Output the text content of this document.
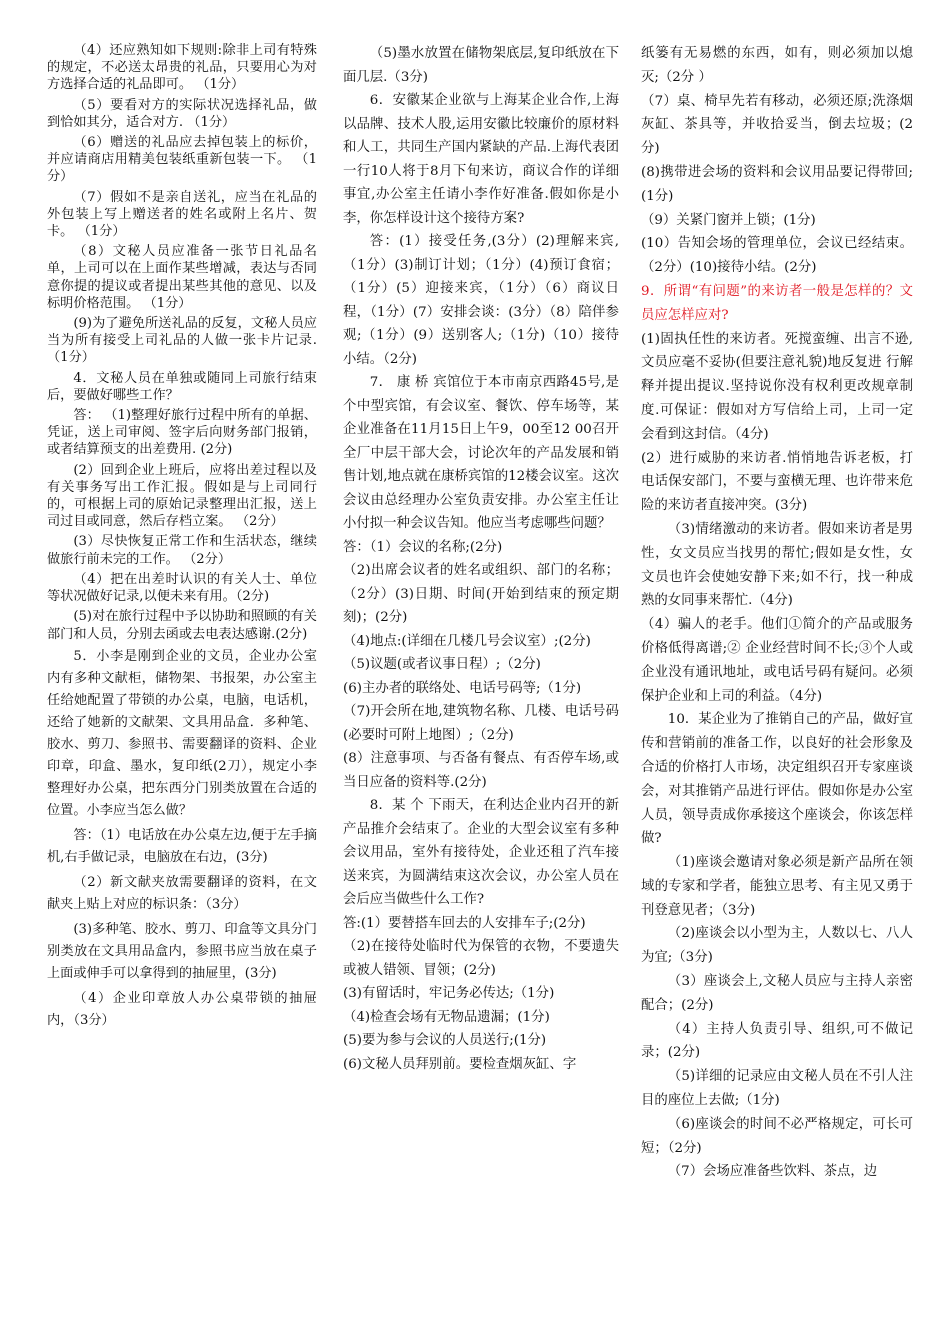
（4）还应熟知如下规则:除非上司有特殊的规定，不必送太昂贵的礼品，只要用心为对方选择合适的礼品即可。 （1分）

（5）要看对方的实际状况选择礼品，做到恰如其分，适合对方. （1分）

（6）赠送的礼品应去掉包装上的标价，并应请商店用精美包装纸重新包装一下。 （1分）

（7）假如不是亲自送礼，应当在礼品的外包装上写上赠送者的姓名或附上名片、贺卡。 （1分）

（8）文秘人员应准备一张节日礼品名单，上司可以在上面作某些增减，表达与否同意你提的提议或者提出某些其他的意见、以及标明价格范围。 （1分）

(9)为了避免所送礼品的反复，文秘人员应当为所有接受上司礼品的人做一张卡片记录. （1分）

4．文秘人员在单独或随同上司旅行结束后，要做好哪些工作？

答： （1)整理好旅行过程中所有的单据、凭证，送上司审阅、签字后向财务部门报销，或者结算预支的出差费用. (2分)

(2）回到企业上班后，应将出差过程以及有关事务写出工作汇报。假如是与上司同行的，可根据上司的原始记录整理出汇报，送上司过目或同意，然后存档立案。 （2分）

(3）尽快恢复正常工作和生活状态，继续做旅行前未完的工作。 （2分）

（4）把在出差时认识的有关人士、单位等状况做好记录,以便未来有用。（2分)

(5)对在旅行过程中予以协助和照顾的有关部门和人员，分别去函或去电表达感谢.(2分)

5．小李是刚到企业的文员，企业办公室内有多种文献柜，储物架、书报架，办公室主任给她配置了带锁的办公桌，电脑，电话机，还给了她新的文献架、文具用品盒．多种笔、胶水、剪刀、参照书、需要翻译的资料、企业印章，印盒、墨水，复印纸(2刀），规定小李整理好办公桌，把东西分门别类放置在合适的位置。小李应当怎么做？

答：（1）电话放在办公桌左边,便于左手摘机,右手做记录，电脑放在右边，(3分)

（2）新文献夹放需要翻译的资料，在文献夹上贴上对应的标识条：（3分）

(3)多种笔、胶水、剪刀、印盒等文具分门别类放在文具用品盒内，参照书应当放在桌子上面或伸手可以拿得到的抽屉里，(3分)

（4）企业印章放人办公桌带锁的抽屉内，（3分）

（5)墨水放置在储物架底层,复印纸放在下面几层.（3分)

6．安徽某企业欲与上海某企业合作,上海以品牌、技术人股,运用安徽比较廉价的原材料和人工，共同生产国内紧缺的产品.上海代表团一行10人将于8月下旬来访，商议合作的详细事宜,办公室主任请小李作好准备.假如你是小李，你怎样设计这个接待方案?

答：(1）接受任务,(3分）(2)理解来宾,（1分）(3)制订计划；（1分）(4)预订食宿；（1分）(5）迎接来宾，（1分）（6）商议日程，（1分）(7）安排会谈：(3分）（8）陪伴参观;（1分）(9）送别客人;（1分)（10）接待小结。（2分)

7． 康 桥 宾馆位于本市南京西路45号,是个中型宾馆，有会议室、餐饮、停车场等，某企业准备在11月15日上午9，00至12 00召开全厂中层干部大会，讨论次年的产品发展和销售计划,地点就在康桥宾馆的12楼会议室。这次会议由总经理办公室负责安排。办公室主任让小付拟一种会议告知。他应当考虑哪些问题？

答：（1）会议的名称;(2分)

（2)出席会议者的姓名或组织、部门的名称；（2分）(3)日期、时间(开始到结束的预定期刻)；(2分)

（4)地点:(详细在几楼几号会议室）;(2分)

（5)议题(或者议事日程）;（2分)

(6)主办者的联络处、电话号码等;（1分)

（7)开会所在地,建筑物名称、几楼、电话号码(必要时可附上地图）;（2分)

(8）注意事项、与否备有餐点、有否停车场,或当日应备的资料等.(2分)

8．某 个 下雨天，在利达企业内召开的新产品推介会结束了。企业的大型会议室有多种会议用品，室外有接待处，企业还租了汽车接送来宾，为圆满结束这次会议，办公室人员在会后应当做些什么工作?

答:(1）要替搭车回去的人安排车子;(2分)

（2)在接待处临时代为保管的衣物，不要遗失或被人错领、冒领；(2分)

(3)有留话时，牢记务必传达;（1分)

（4)检查会场有无物品遗漏；(1分)

(5)要为参与会议的人员送行;(1分)

(6)文秘人员拜别前。要检查烟灰缸、字

纸篓有无易燃的东西，如有，则必须加以熄灭;（2分 ）

（7）桌、椅早先若有移动，必须还原;洗涤烟灰缸、茶具等，并收拾妥当，倒去垃圾；(2分)

(8)携带进会场的资料和会议用品要记得带回;(1分)

（9）关紧门窗并上锁；(1分)

(10）告知会场的管理单位，会议已经结束。（2分）(10)接待小结。(2分)

9．所谓“有问题”的来访者一般是怎样的？文员应怎样应对?

(1)固执任性的来访者。死搅蛮缠、出言不逊,文员应毫不妥协(但要注意礼貌)地反复进 行解释并提出提议.坚持说你没有权利更改规章制度.可保证：假如对方写信给上司，上司一定会看到这封信。（4分)

(2）进行威胁的来访者.悄悄地告诉老板，打电话保安部门，不要与蛮横无理、也许带来危险的来访者直接冲突。(3分)

（3)情绪激动的来访者。假如来访者是男性，女文员应当找男的帮忙;假如是女性，女文员也许会使她安静下来;如不行，找一种成熟的女同事来帮忙.（4分)

（4）骗人的老手。他们①简介的产品或服务价格低得离谱;② 企业经营时间不长;③个人或企业没有通讯地址，或电话号码有疑问。必须保护企业和上司的利益。（4分)

10．某企业为了推销自己的产品，做好宣传和营销前的准备工作，以良好的社会形象及合适的价格打人市场，决定组织召开专家座谈会，对其推销产品进行评估。假如你是办公室人员，领导责成你承接这个座谈会，你该怎样做?

（1)座谈会邀请对象必须是新产品所在领域的专家和学者，能独立思考、有主见又勇于刊登意见者；（3分)

（2)座谈会以小型为主，人数以七、八人为宜;（3分)

（3）座谈会上,文秘人员应与主持人亲密配合；(2分)

（4）主持人负责引导、组织,可不做记录；(2分)

（5)详细的记录应由文秘人员在不引人注目的座位上去做;（1分)

（6)座谈会的时间不必严格规定，可长可短；（2分)

（7）会场应准备些饮料、茶点，边
